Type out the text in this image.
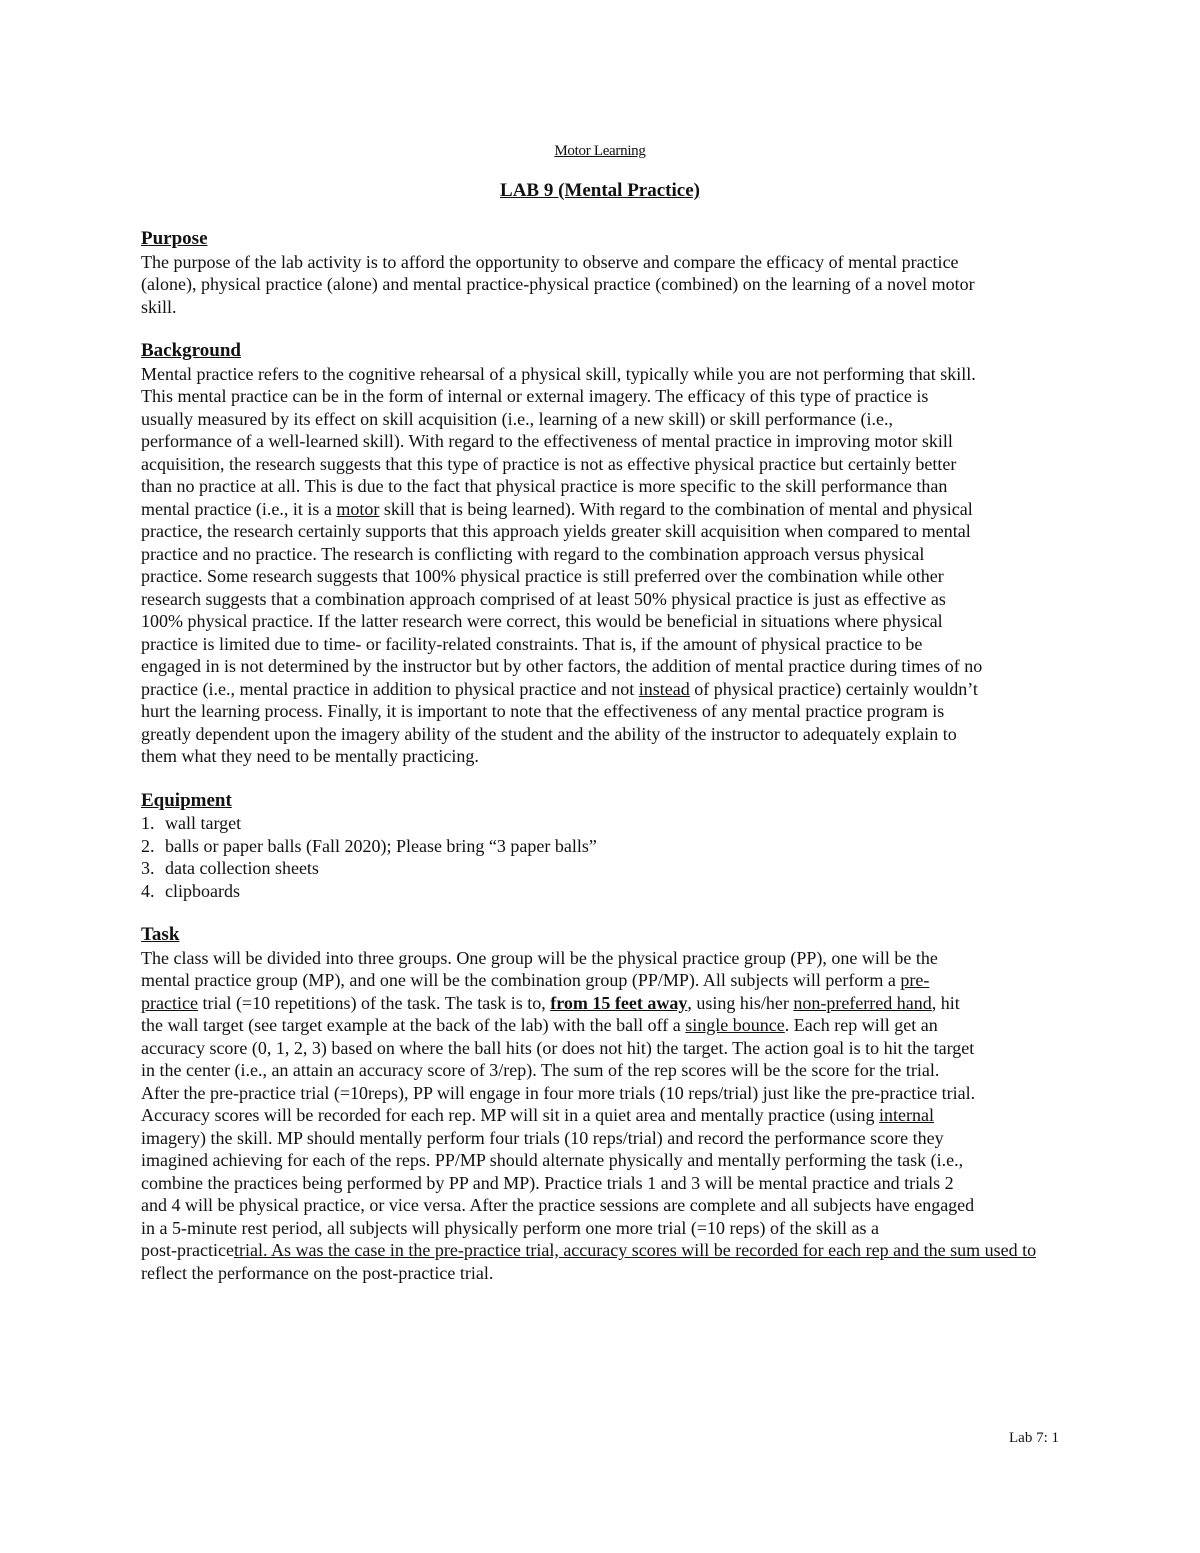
Motor Learning
LAB 9 (Mental Practice)
Purpose

The purpose of the lab activity is to afford the opportunity to observe and compare the efficacy of mental practice

(alone), physical practice (alone) and mental practice-physical practice (combined) on the learning of a novel motor

skill.

Background

Mental practice refers to the cognitive rehearsal of a physical skill, typically while you are not performing that skill.

This mental practice can be in the form of internal or external imagery. The efficacy of this type of practice is

usually measured by its effect on skill acquisition (i.e., learning of a new skill) or skill performance (i.e.,

performance of a well-learned skill). With regard to the effectiveness of mental practice in improving motor skill

acquisition, the research suggests that this type of practice is not as effective physical practice but certainly better

than no practice at all. This is due to the fact that physical practice is more specific to the skill performance than

mental practice (i.e., it is a motor skill that is being learned). With regard to the combination of mental and physical

practice, the research certainly supports that this approach yields greater skill acquisition when compared to mental

practice and no practice. The research is conflicting with regard to the combination approach versus physical

practice. Some research suggests that 100% physical practice is still preferred over the combination while other

research suggests that a combination approach comprised of at least 50% physical practice is just as effective as

100% physical practice. If the latter research were correct, this would be beneficial in situations where physical

practice is limited due to time- or facility-related constraints. That is, if the amount of physical practice to be

engaged in is not determined by the instructor but by other factors, the addition of mental practice during times of no

practice (i.e., mental practice in addition to physical practice and not instead of physical practice) certainly wouldn’t

hurt the learning process. Finally, it is important to note that the effectiveness of any mental practice program is

greatly dependent upon the imagery ability of the student and the ability of the instructor to adequately explain to

them what they need to be mentally practicing.

Equipment
1. wall target
2. balls or paper balls (Fall 2020); Please bring “3 paper balls”
3. data collection sheets
4. clipboards
Task

The class will be divided into three groups. One group will be the physical practice group (PP), one will be the

mental practice group (MP), and one will be the combination group (PP/MP). All subjects will perform a pre-

practice trial (=10 repetitions) of the task. The task is to, from 15 feet away, using his/her non-preferred hand, hit

the wall target (see target example at the back of the lab) with the ball off a single bounce. Each rep will get an

accuracy score (0, 1, 2, 3) based on where the ball hits (or does not hit) the target. The action goal is to hit the target

in the center (i.e., an attain an accuracy score of 3/rep). The sum of the rep scores will be the score for the trial.

After the pre-practice trial (=10reps), PP will engage in four more trials (10 reps/trial) just like the pre-practice trial.

Accuracy scores will be recorded for each rep. MP will sit in a quiet area and mentally practice (using internal

imagery) the skill. MP should mentally perform four trials (10 reps/trial) and record the performance score they

imagined achieving for each of the reps. PP/MP should alternate physically and mentally performing the task (i.e.,

combine the practices being performed by PP and MP). Practice trials 1 and 3 will be mental practice and trials 2

and 4 will be physical practice, or vice versa. After the practice sessions are complete and all subjects have engaged

in a 5-minute rest period, all subjects will physically perform one more trial (=10 reps) of the skill as a

post-practicetrial. As was the case in the pre-practice trial, accuracy scores will be recorded for each rep and the sum used to

reflect the performance on the post-practice trial.

Lab 7: 1
